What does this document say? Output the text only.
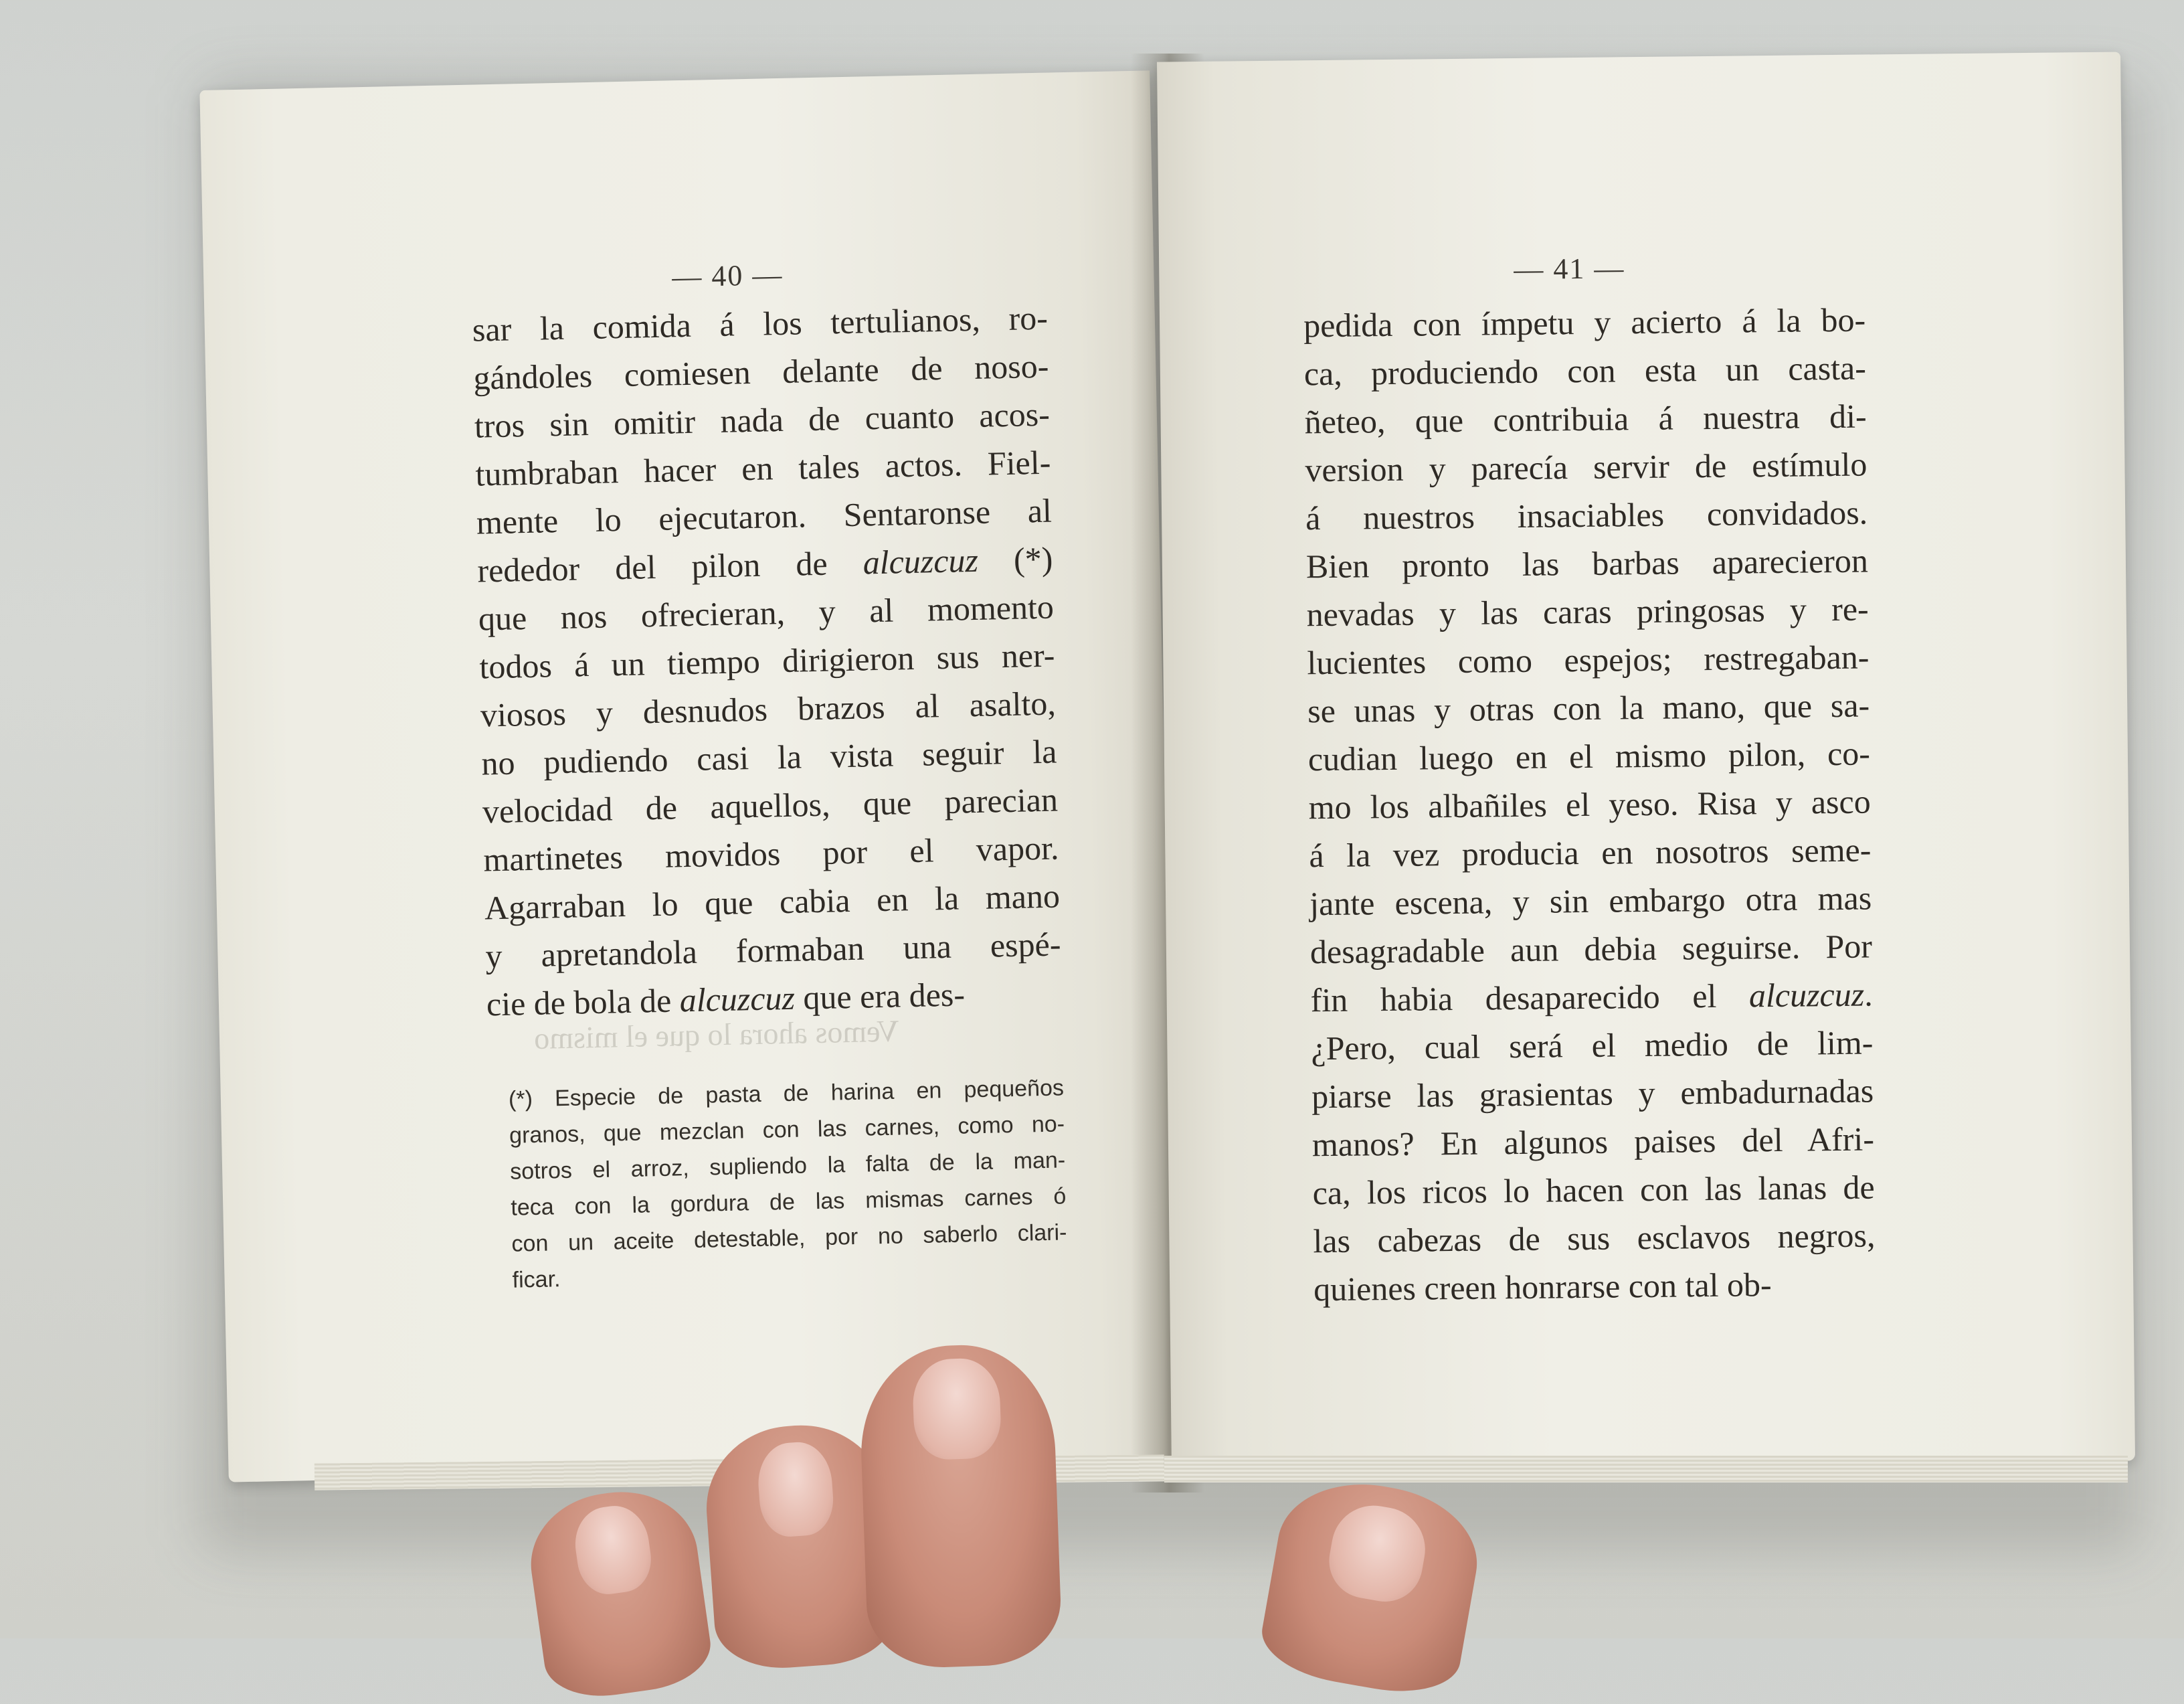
— 40 —
Vemos ahora lo que el mismo
sar la comida á los tertulianos, ro-
gándoles comiesen delante de noso-
tros sin omitir nada de cuanto acos-
tumbraban hacer en tales actos. Fiel-
mente lo ejecutaron. Sentaronse al
rededor del pilon de alcuzcuz (*)
que nos ofrecieran, y al momento
todos á un tiempo dirigieron sus ner-
viosos y desnudos brazos al asalto,
no pudiendo casi la vista seguir la
velocidad de aquellos, que parecian
martinetes movidos por el vapor.
Agarraban lo que cabia en la mano
y apretandola formaban una espé-
cie de bola de alcuzcuz que era des-
(*) Especie de pasta de harina en pequeños
granos, que mezclan con las carnes, como no-
sotros el arroz, supliendo la falta de la man-
teca con la gordura de las mismas carnes ó
con un aceite detestable, por no saberlo clari-
ficar.
— 41 —
pedida con ímpetu y acierto á la bo-
ca, produciendo con esta un casta-
ñeteo, que contribuia á nuestra di-
version y parecía servir de estímulo
á nuestros insaciables convidados.
Bien pronto las barbas aparecieron
nevadas y las caras pringosas y re-
lucientes como espejos; restregaban-
se unas y otras con la mano, que sa-
cudian luego en el mismo pilon, co-
mo los albañiles el yeso. Risa y asco
á la vez producia en nosotros seme-
jante escena, y sin embargo otra mas
desagradable aun debia seguirse. Por
fin habia desaparecido el alcuzcuz.
¿Pero, cual será el medio de lim-
piarse las grasientas y embadurnadas
manos? En algunos paises del Afri-
ca, los ricos lo hacen con las lanas de
las cabezas de sus esclavos negros,
quienes creen honrarse con tal ob-
